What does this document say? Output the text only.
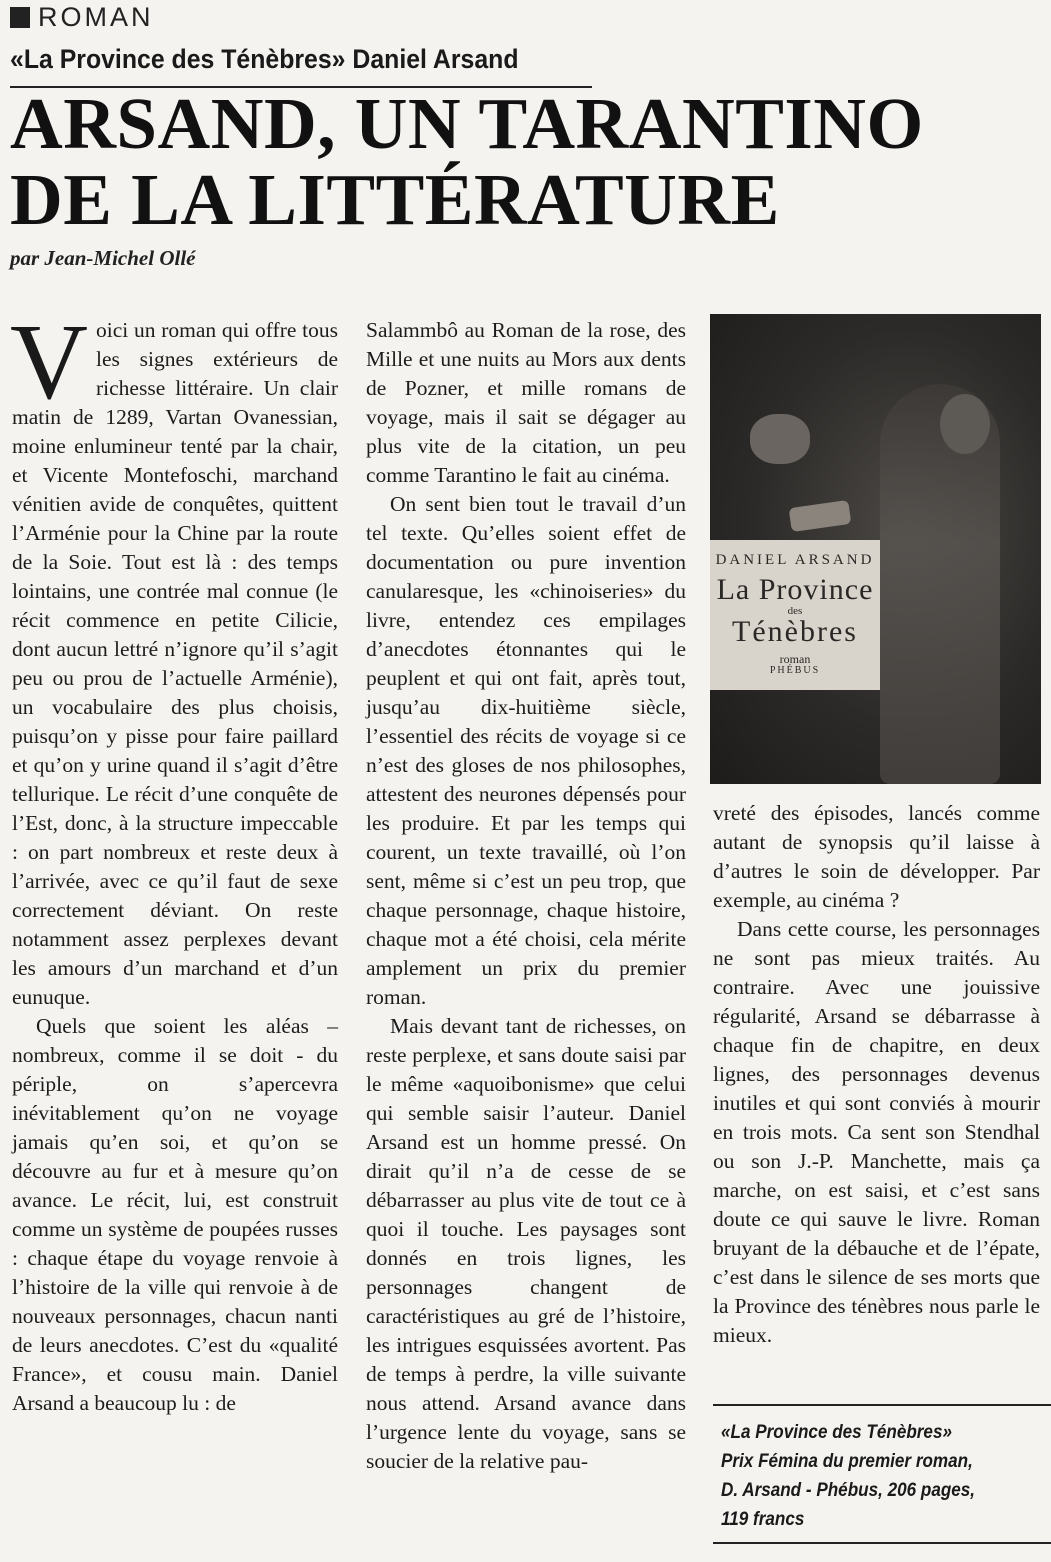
ROMAN
«La Province des Ténèbres» Daniel Arsand
ARSAND, UN TARANTINO
DE LA LITTÉRATURE
par Jean-Michel Ollé

Voici un roman qui offre tous les signes extérieurs de richesse littéraire. Un clair matin de 1289, Vartan Ovanessian, moine enlumineur tenté par la chair, et Vicente Montefoschi, marchand vénitien avide de conquêtes, quittent l’Arménie pour la Chine par la route de la Soie. Tout est là : des temps lointains, une contrée mal connue (le récit commence en petite Cilicie, dont aucun lettré n’ignore qu’il s’agit peu ou prou de l’actuelle Arménie), un vocabulaire des plus choisis, puisqu’on y pisse pour faire paillard et qu’on y urine quand il s’agit d’être tellurique. Le récit d’une conquête de l’Est, donc, à la structure impeccable : on part nombreux et reste deux à l’arrivée, avec ce qu’il faut de sexe correctement déviant. On reste notamment assez perplexes devant les amours d’un marchand et d’un eunuque.

Quels que soient les aléas – nombreux, comme il se doit - du périple, on s’apercevra inévitablement qu’on ne voyage jamais qu’en soi, et qu’on se découvre au fur et à mesure qu’on avance. Le récit, lui, est construit comme un système de poupées russes : chaque étape du voyage renvoie à l’histoire de la ville qui renvoie à de nouveaux personnages, chacun nanti de leurs anecdotes. C’est du «qualité France», et cousu main. Daniel Arsand a beaucoup lu : de

Salammbô au Roman de la rose, des Mille et une nuits au Mors aux dents de Pozner, et mille romans de voyage, mais il sait se dégager au plus vite de la citation, un peu comme Tarantino le fait au cinéma.

On sent bien tout le travail d’un tel texte. Qu’elles soient effet de documentation ou pure invention canularesque, les «chinoiseries» du livre, entendez ces empilages d’anecdotes étonnantes qui le peuplent et qui ont fait, après tout, jusqu’au dix-huitième siècle, l’essentiel des récits de voyage si ce n’est des gloses de nos philosophes, attestent des neurones dépensés pour les produire. Et par les temps qui courent, un texte travaillé, où l’on sent, même si c’est un peu trop, que chaque personnage, chaque histoire, chaque mot a été choisi, cela mérite amplement un prix du premier roman.

Mais devant tant de richesses, on reste perplexe, et sans doute saisi par le même «aquoibonisme» que celui qui semble saisir l’auteur. Daniel Arsand est un homme pressé. On dirait qu’il n’a de cesse de se débarrasser au plus vite de tout ce à quoi il touche. Les paysages sont donnés en trois lignes, les personnages changent de caractéristiques au gré de l’histoire, les intrigues esquissées avortent. Pas de temps à perdre, la ville suivante nous attend. Arsand avance dans l’urgence lente du voyage, sans se soucier de la relative pau-

DANIEL ARSAND
La Province
des
Ténèbres
roman
PHÉBUS

vreté des épisodes, lancés comme autant de synopsis qu’il laisse à d’autres le soin de développer. Par exemple, au cinéma ?

Dans cette course, les personnages ne sont pas mieux traités. Au contraire. Avec une jouissive régularité, Arsand se débarrasse à chaque fin de chapitre, en deux lignes, des personnages devenus inutiles et qui sont conviés à mourir en trois mots. Ca sent son Stendhal ou son J.-P. Manchette, mais ça marche, on est saisi, et c’est sans doute ce qui sauve le livre. Roman bruyant de la débauche et de l’épate, c’est dans le silence de ses morts que la Province des ténèbres nous parle le mieux.

«La Province des Ténèbres»
Prix Fémina du premier roman,
D. Arsand - Phébus, 206 pages,
119 francs
